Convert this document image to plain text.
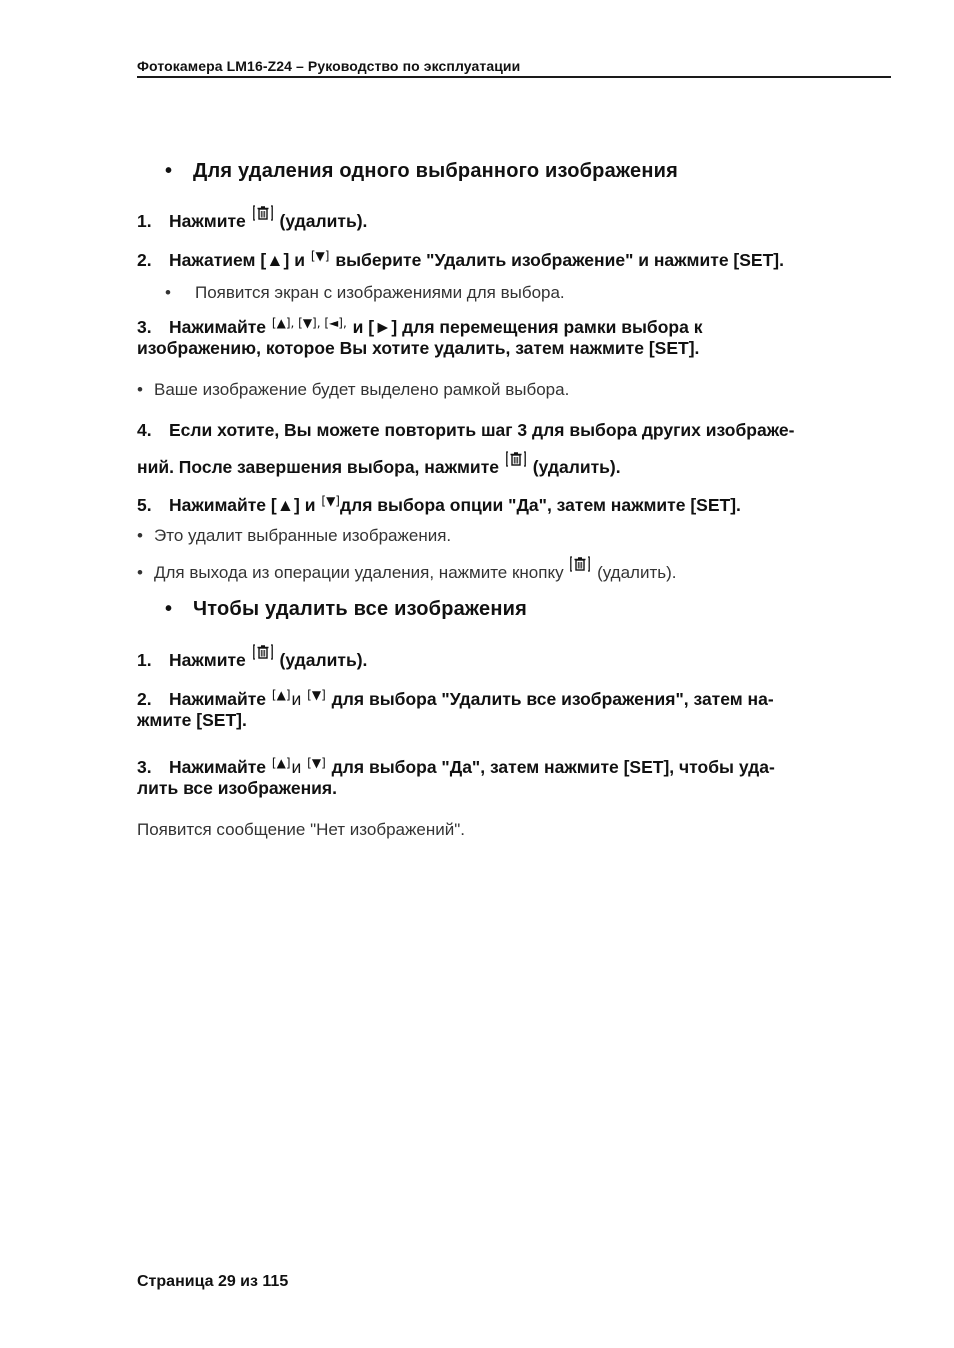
Фотокамера LM16-Z24 – Руководство по эксплуатации
• Для удаления одного выбранного изображения
1. Нажмите (удалить).
2. Нажатием [▲] и [▼] выберите "Удалить изображение" и нажмите [SET].
• Появится экран с изображениями для выбора.
3. Нажимайте [▲], [▼], [◄], и [►] для перемещения рамки выбора к
изображению, которое Вы хотите удалить, затем нажмите [SET].
• Ваше изображение будет выделено рамкой выбора.
4. Если хотите, Вы можете повторить шаг 3 для выбора других изображе-
ний. После завершения выбора, нажмите (удалить).
5. Нажимайте [▲] и [▼]для выбора опции "Да", затем нажмите [SET].
• Это удалит выбранные изображения.
• Для выхода из операции удаления, нажмите кнопку (удалить).
• Чтобы удалить все изображения
1. Нажмите (удалить).
2. Нажимайте [▲]и [▼] для выбора "Удалить все изображения", затем на-
жмите [SET].
3. Нажимайте [▲]и [▼] для выбора "Да", затем нажмите [SET], чтобы уда-
лить все изображения.
Появится сообщение "Нет изображений".
Страница 29 из 115
